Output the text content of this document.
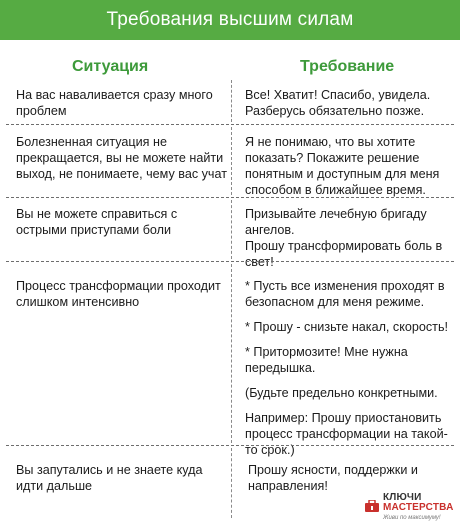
Требования высшим силам
Ситуация	Требование
На вас наваливается сразу много проблем

Все! Хватит! Спасибо, увидела. Разберусь обязательно позже.

Болезненная ситуация не прекращается, вы не можете найти выход, не понимаете, чему вас учат

Я не понимаю, что вы хотите показать? Покажите решение понятным и доступным для меня способом в ближайшее время.

Вы не можете справиться с острыми приступами боли

Призывайте лечебную бригаду ангелов.

Прошу трансформировать боль в свет!

Процесс трансформации проходит слишком интенсивно

* Пусть все изменения проходят в безопасном для меня режиме.

* Прошу - снизьте накал, скорость!

* Притормозите! Мне нужна передышка.

(Будьте предельно конкретными.

Например: Прошу приостановить процесс трансформации на такой-то срок.)

Вы запутались и не знаете куда идти дальше

Прошу ясности, поддержки и направления!

КЛЮЧИ МАСТЕРСТВА
Живи по максимуму!
